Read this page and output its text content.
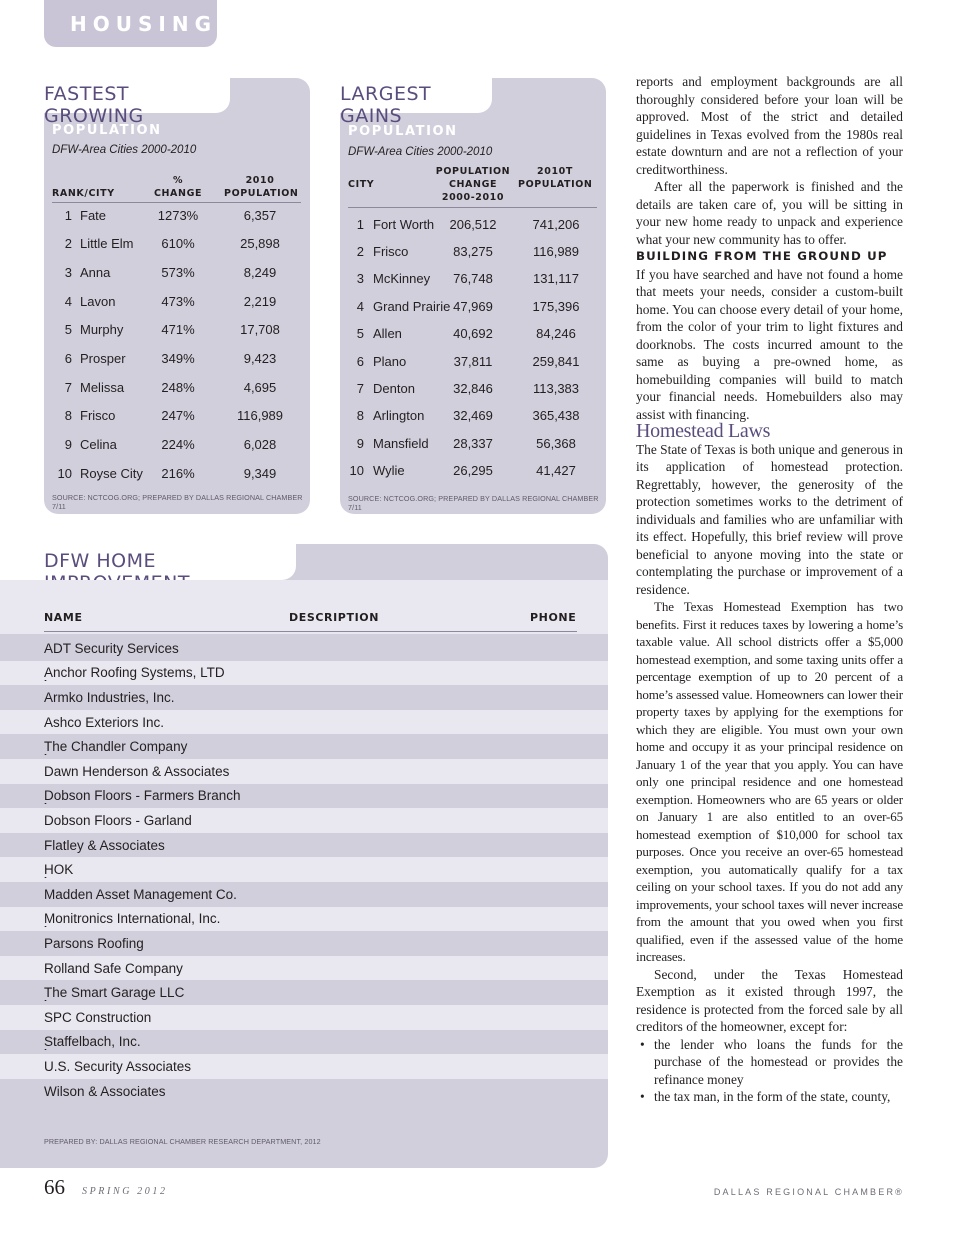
HOUSING
FASTEST GROWING
POPULATION
DFW-Area Cities 2000-2010
RANK/CITY
%
CHANGE
2010
POPULATION
1 Fate	1273%	6,357
2 Little Elm	610%	25,898
3 Anna	573%	8,249
4 Lavon	473%	2,219
5 Murphy	471%	17,708
6 Prosper	349%	9,423
7 Melissa	248%	4,695
8 Frisco	247%	116,989
9 Celina	224%	6,028
10 Royse City	216%	9,349
SOURCE: NCTCOG.ORG; PREPARED BY DALLAS REGIONAL CHAMBER 7/11
LARGEST GAINS
POPULATION
DFW-Area Cities 2000-2010
CITY
POPULATION
CHANGE
2000-2010
2010T
POPULATION
1 Fort Worth	206,512	741,206
2 Frisco	83,275	116,989
3 McKinney	76,748	131,117
4 Grand Prairie 47,969	175,396
5 Allen	40,692	84,246
6 Plano	37,811	259,841
7 Denton	32,846	113,383
8 Arlington	32,469	365,438
9 Mansfield	28,337	56,368
10 Wylie	26,295	41,427
SOURCE: NCTCOG.ORG; PREPARED BY DALLAS REGIONAL CHAMBER 7/11
DFW HOME
NAME	DESCRIPTION	PHONE
ADT Security Services
Anchor Roofing Systems, LTD
Armko Industries, Inc.
Ashco Exteriors Inc.
The Chandler Company
Dawn Henderson & Associates
Dobson Floors - Farmers Branch
Dobson Floors - Garland
Flatley & Associates
HOK
Madden Asset Management Co.
Monitronics International, Inc.
Parsons Roofing
Rolland Safe Company
The Smart Garage LLC
SPC Construction
Staffelbach, Inc.
U.S. Security Associates
Wilson & Associates
PREPARED BY: DALLAS REGIONAL CHAMBER RESEARCH DEPARTMENT, 2012

reports and employment backgrounds are all thoroughly considered before your loan will be approved. Most of the strict and detailed guidelines in Texas evolved from the 1980s real estate downturn and are not a reflection of your creditworthiness.

After all the paperwork is finished and the details are taken care of, you will be sitting in your new home ready to unpack and experience what your new community has to offer.

BUILDING FROM THE GROUND UP

If you have searched and have not found a home that meets your needs, consider a custom-built home. You can choose every detail of your home, from the color of your trim to light fixtures and doorknobs. The costs incurred amount to the same as buying a pre-owned home, as homebuilding companies will build to match your financial needs. Homebuilders also may assist with financing.

Homestead Laws

The State of Texas is both unique and generous in its application of homestead protection. Regrettably, however, the generosity of the protection sometimes works to the detriment of individuals and families who are unfamiliar with its effect. Hopefully, this brief review will prove beneficial to anyone moving into the state or contemplating the purchase or improvement of a residence.

The Texas Homestead Exemption has two benefits. First it reduces taxes by lowering a home’s taxable value. All school districts offer a $5,000 homestead exemption, and some taxing units offer a percentage exemption of up to 20 percent of a home’s assessed value. Homeowners can lower their property taxes by applying for the exemptions for which they are eligible. You must own your own home and occupy it as your principal residence on January 1 of the year that you apply. You can have only one principal residence and one homestead exemption. Homeowners who are 65 years or older on January 1 are also entitled to an over-65 homestead exemption of $10,000 for school tax purposes. Once you receive an over-65 homestead exemption, you automatically qualify for a tax ceiling on your school taxes. If you do not add any improvements, your school taxes will never increase from the amount that you owed when you first qualified, even if the assessed value of the home increases.

Second, under the Texas Homestead Exemption as it existed through 1997, the residence is protected from the forced sale by all creditors of the homeowner, except for:

• the lender who loans the funds for the purchase of the homestead or provides the refinance money
• the tax man, in the form of the state, county,
66 SPRING 2012	DALLAS REGIONAL CHAMBER®
